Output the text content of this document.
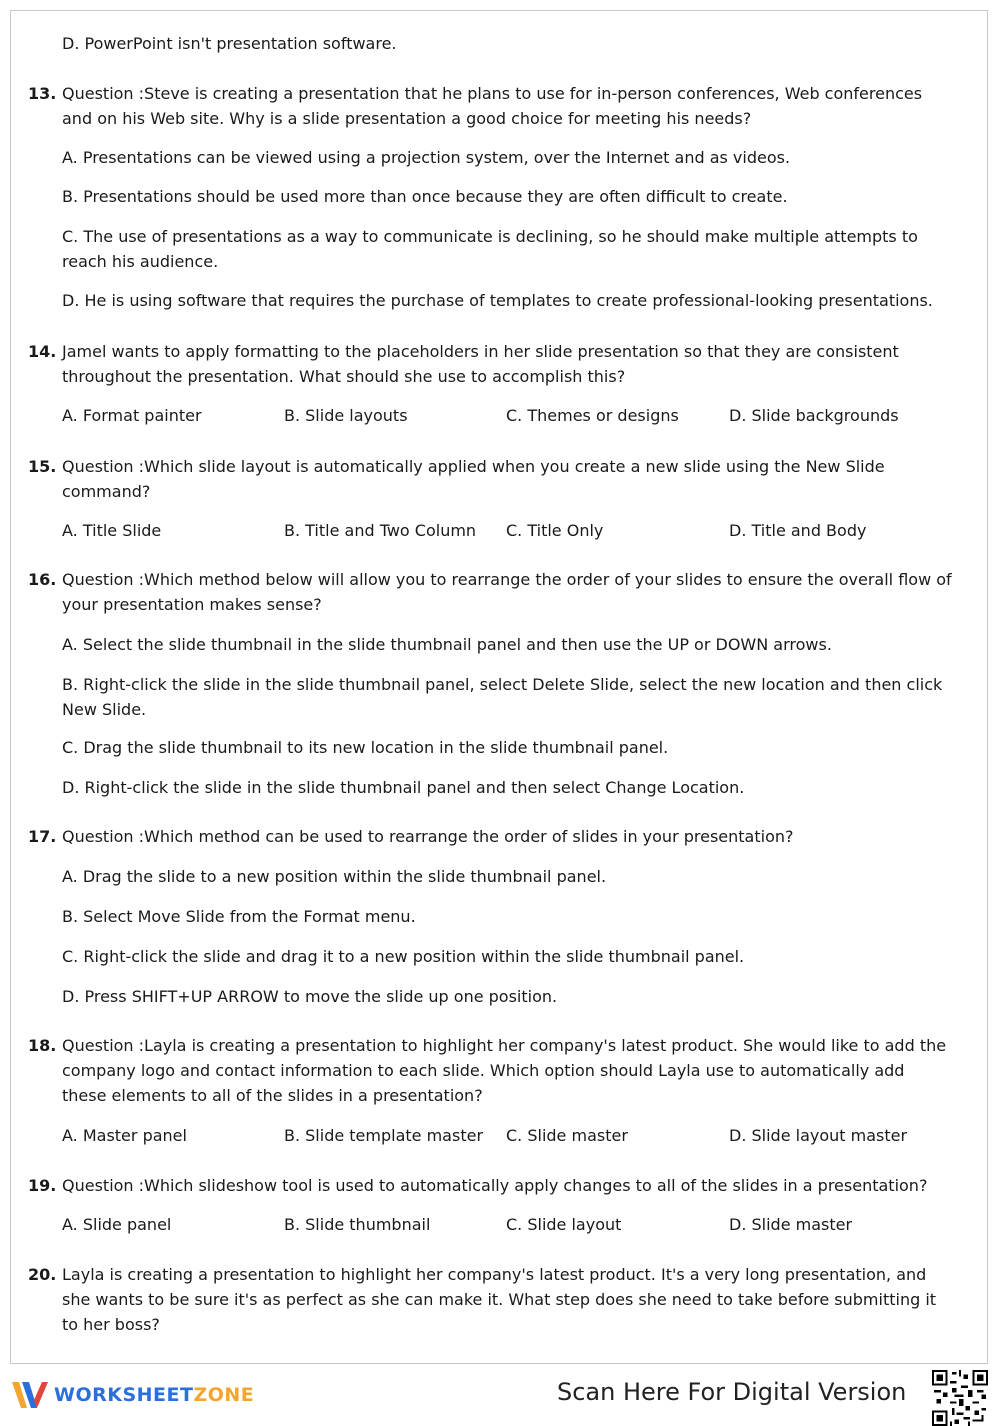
D. PowerPoint isn't presentation software.
13. Question :Steve is creating a presentation that he plans to use for in-person conferences, Web conferences and on his Web site. Why is a slide presentation a good choice for meeting his needs?
A. Presentations can be viewed using a projection system, over the Internet and as videos.
B. Presentations should be used more than once because they are often difficult to create.
C. The use of presentations as a way to communicate is declining, so he should make multiple attempts to reach his audience.
D. He is using software that requires the purchase of templates to create professional-looking presentations.
14. Jamel wants to apply formatting to the placeholders in her slide presentation so that they are consistent throughout the presentation. What should she use to accomplish this?
A. Format painter	B. Slide layouts	C. Themes or designs	D. Slide backgrounds
15. Question :Which slide layout is automatically applied when you create a new slide using the New Slide command?
A. Title Slide	B. Title and Two Column C. Title Only	D. Title and Body
16. Question :Which method below will allow you to rearrange the order of your slides to ensure the overall flow of your presentation makes sense?
A. Select the slide thumbnail in the slide thumbnail panel and then use the UP or DOWN arrows.
B. Right-click the slide in the slide thumbnail panel, select Delete Slide, select the new location and then click New Slide.
C. Drag the slide thumbnail to its new location in the slide thumbnail panel.
D. Right-click the slide in the slide thumbnail panel and then select Change Location.
17. Question :Which method can be used to rearrange the order of slides in your presentation?
A. Drag the slide to a new position within the slide thumbnail panel.
B. Select Move Slide from the Format menu.
C. Right-click the slide and drag it to a new position within the slide thumbnail panel.
D. Press SHIFT+UP ARROW to move the slide up one position.
18. Question :Layla is creating a presentation to highlight her company's latest product. She would like to add the company logo and contact information to each slide. Which option should Layla use to automatically add these elements to all of the slides in a presentation?
A. Master panel	B. Slide template master C. Slide master	D. Slide layout master
19. Question :Which slideshow tool is used to automatically apply changes to all of the slides in a presentation?
A. Slide panel	B. Slide thumbnail	C. Slide layout	D. Slide master
20. Layla is creating a presentation to highlight her company's latest product. It's a very long presentation, and she wants to be sure it's as perfect as she can make it. What step does she need to take before submitting it to her boss?
WORKSHEETZONE	Scan Here For Digital Version
